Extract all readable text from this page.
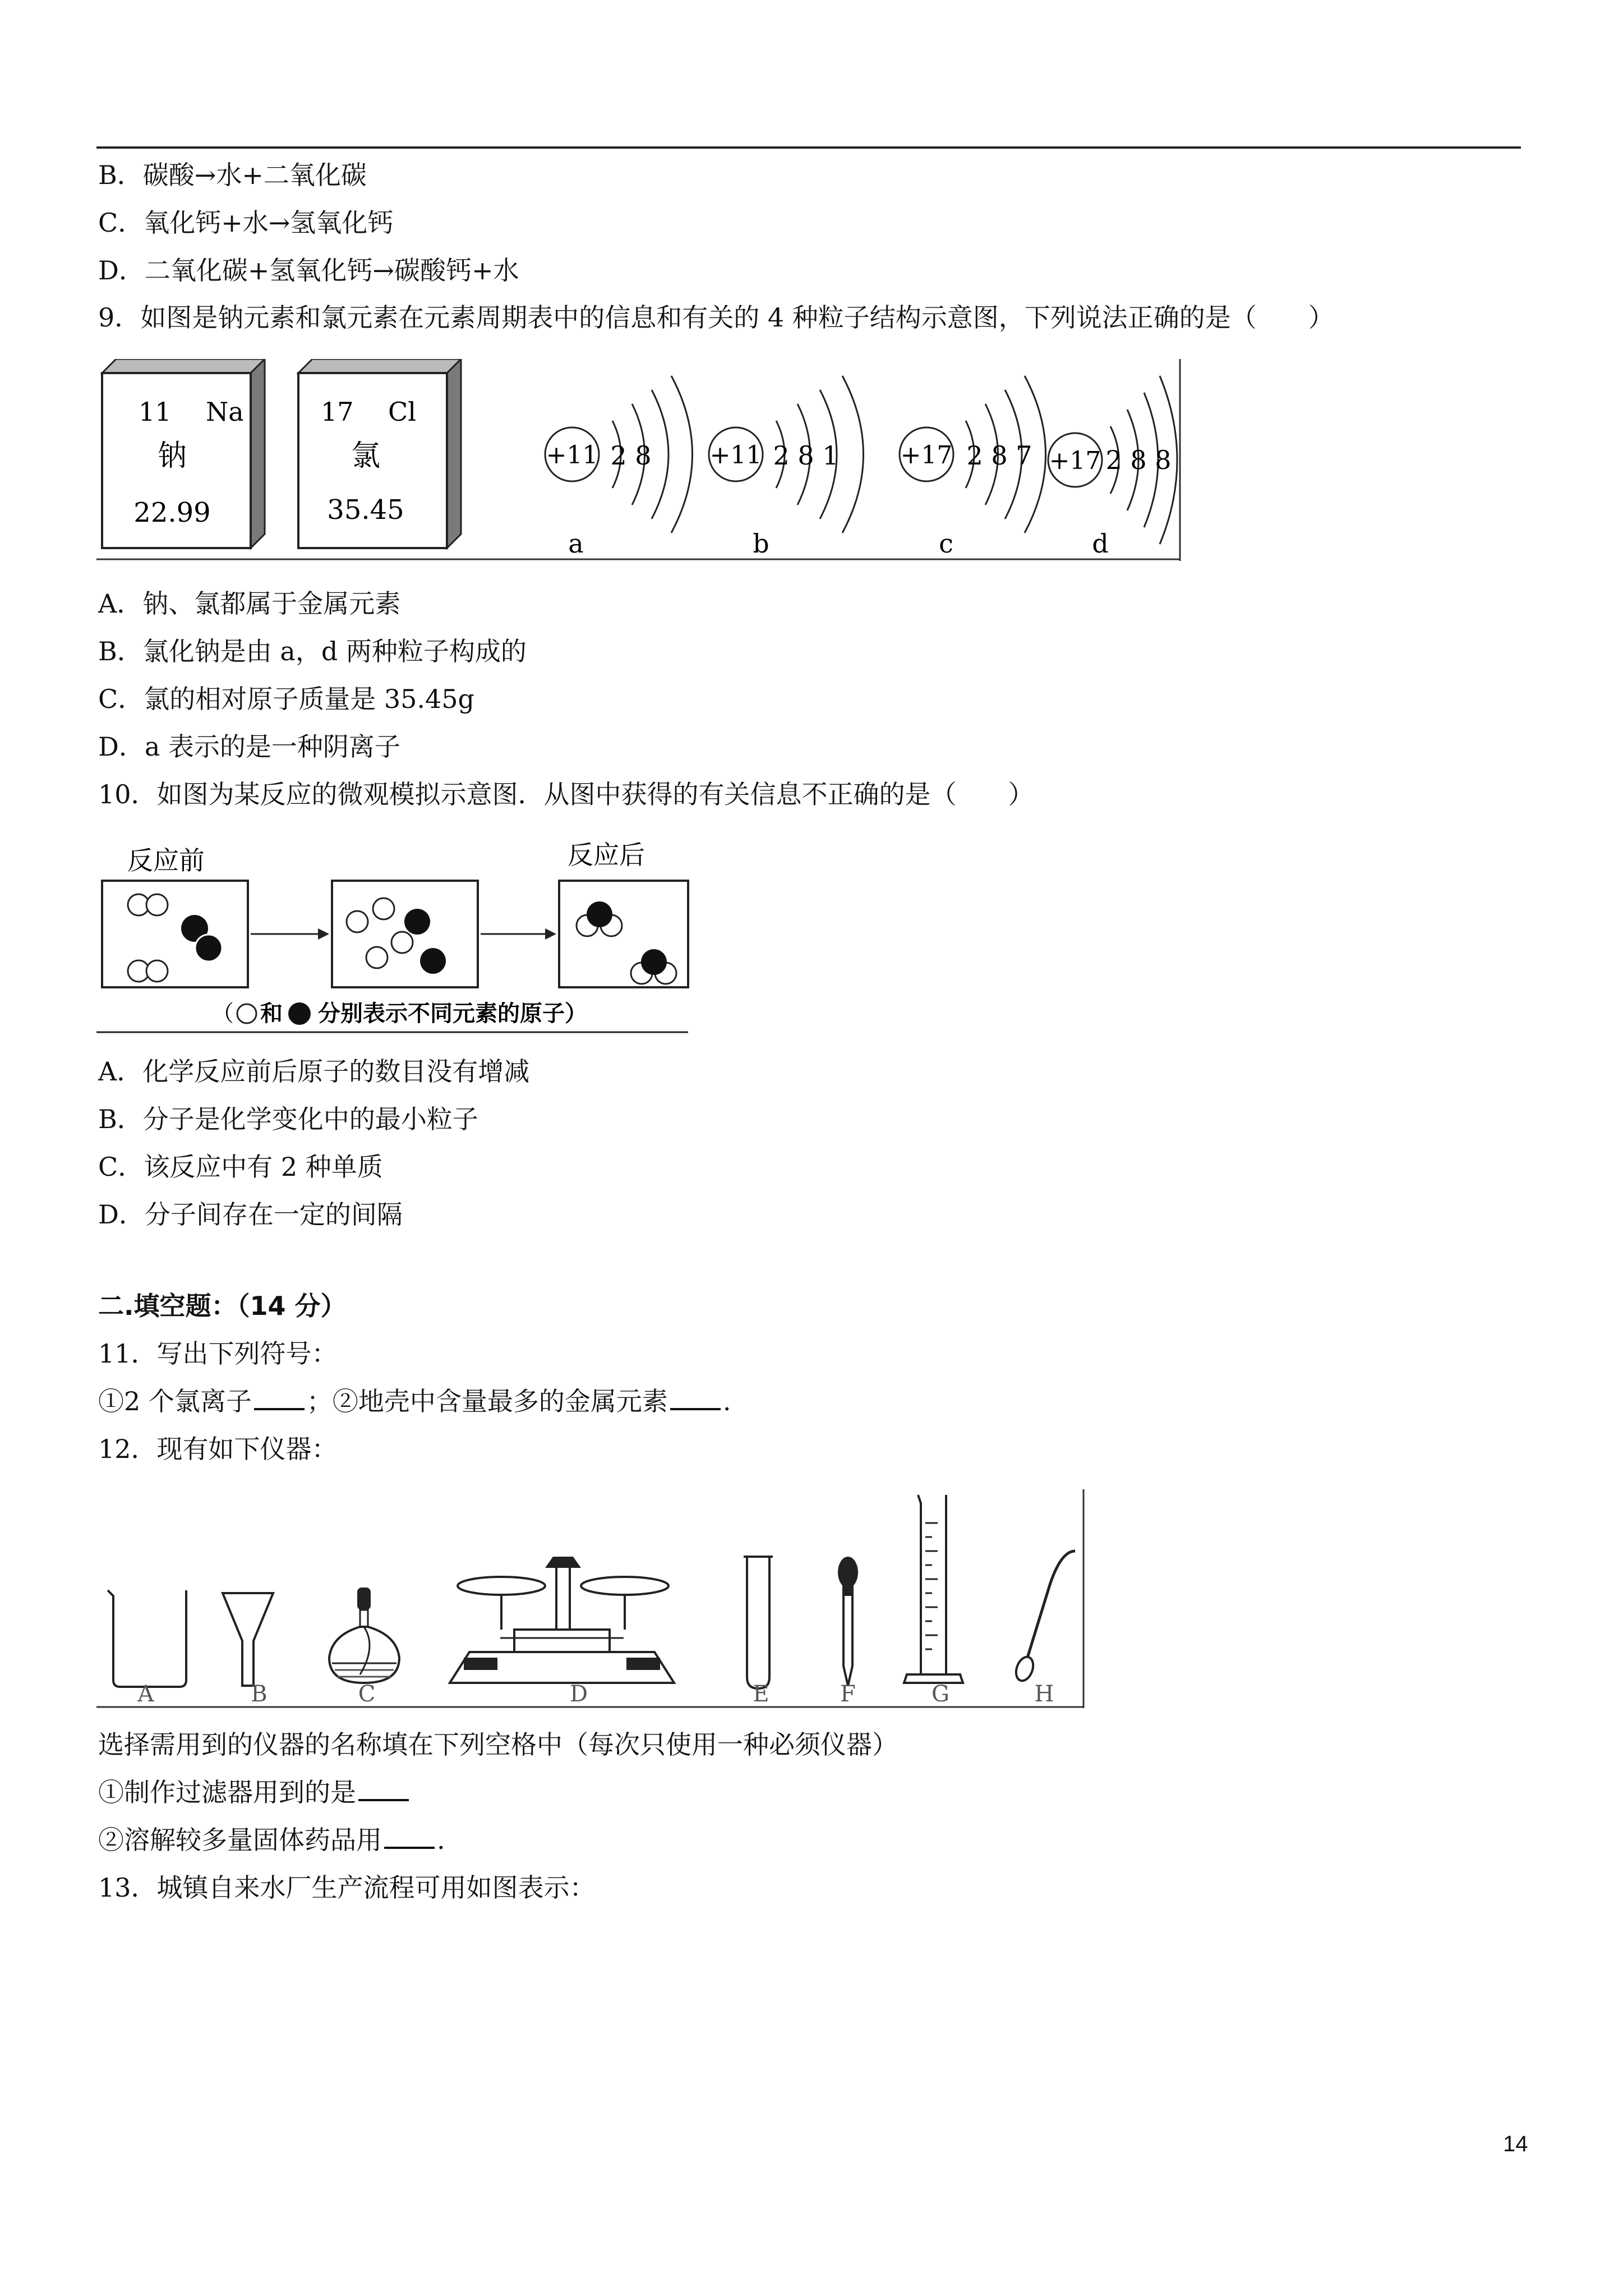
B．碳酸→水+二氧化碳
C．氧化钙+水→氢氧化钙
D．二氧化碳+氢氧化钙→碳酸钙+水
9．如图是钠元素和氯元素在元素周期表中的信息和有关的 4 种粒子结构示意图，下列说法正确的是（　　）
11 Na
钠
22.99
17 Cl
氯
35.45
+11 2 8
a
+11 2 8 1
b
+17 2 8 7
c
+17 2 8 8
d
A．钠、氯都属于金属元素
B．氯化钠是由 a，d 两种粒子构成的
C．氯的相对原子质量是 35.45g
D．a 表示的是一种阴离子
10．如图为某反应的微观模拟示意图．从图中获得的有关信息不正确的是（　　）
反应前	反应后
（ 和 分别表示不同元素的原子）
A．化学反应前后原子的数目没有增减
B．分子是化学变化中的最小粒子
C．该反应中有 2 种单质
D．分子间存在一定的间隔
二.填空题：（14 分）
11．写出下列符号：
①2 个氯离子 ；②地壳中含量最多的金属元素 .
12．现有如下仪器：
A	B	C	D	E	F	G	H
选择需用到的仪器的名称填在下列空格中（每次只使用一种必须仪器）
①制作过滤器用到的是
②溶解较多量固体药品用 .
13．城镇自来水厂生产流程可用如图表示：
14
